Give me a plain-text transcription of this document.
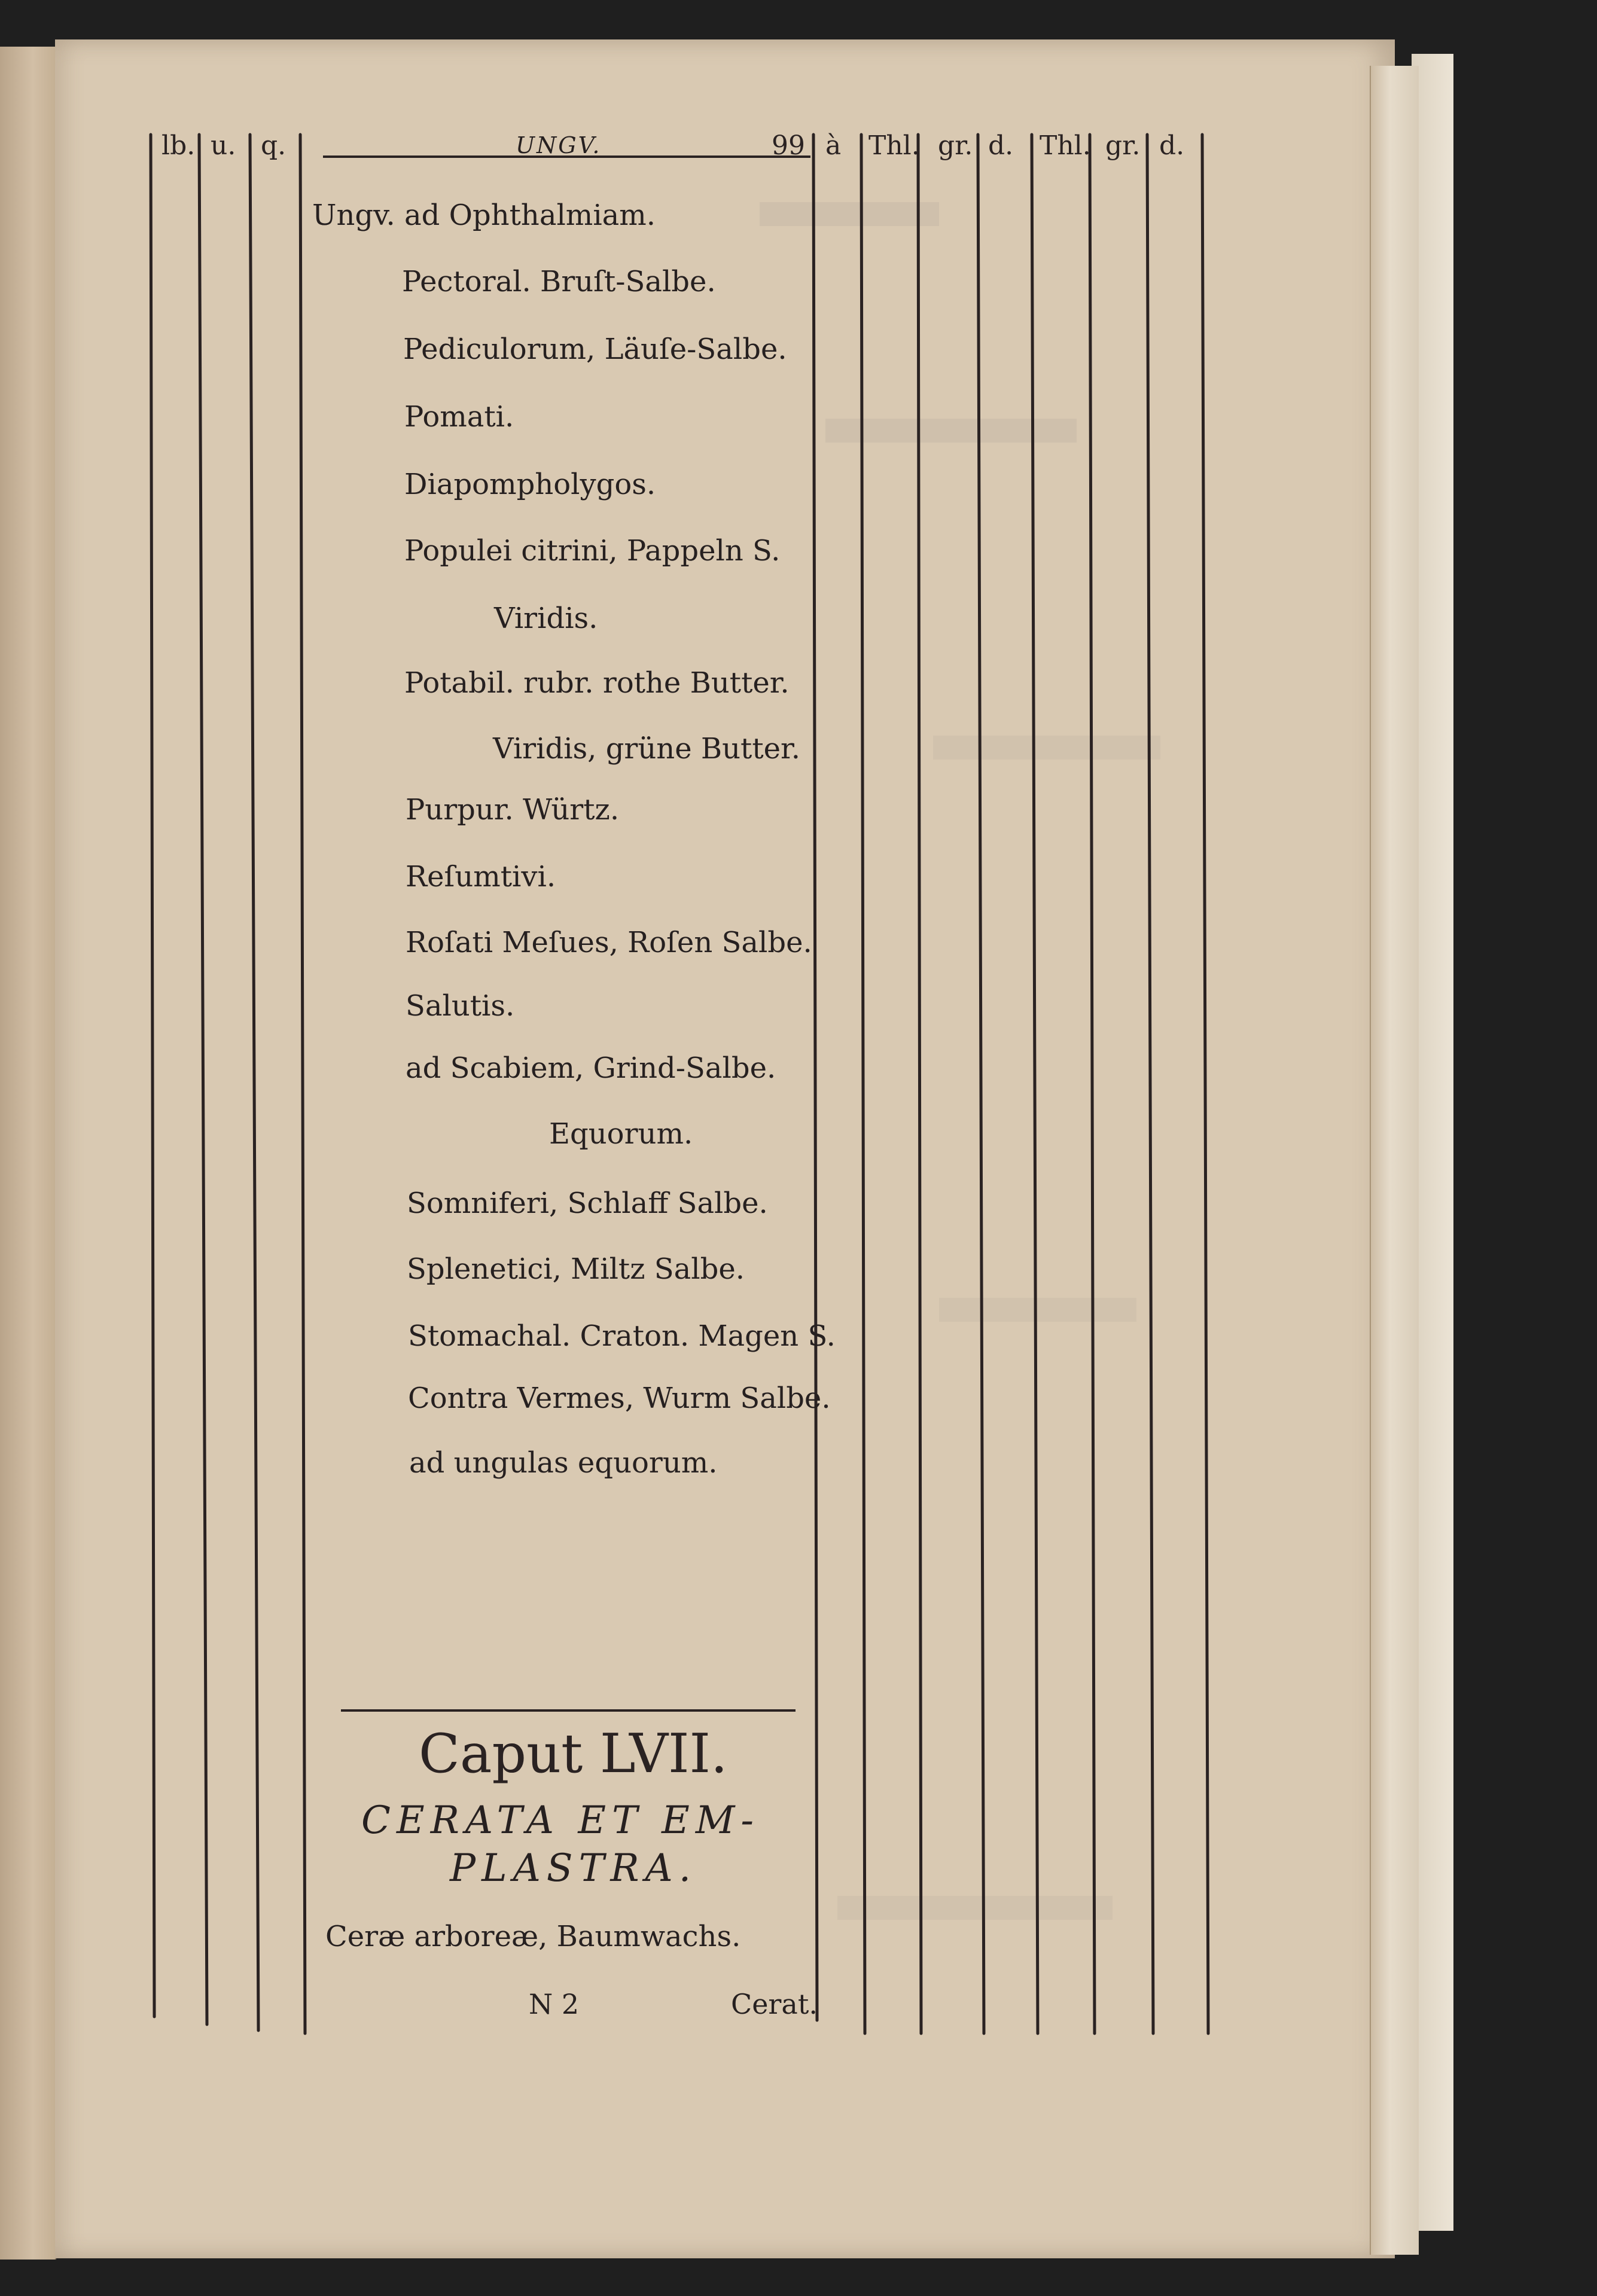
lb. u. q.	UNGV.	99 à Thl. gr. d. Thl. gr. d.
Ungv. ad Ophthalmiam.
Pectoral. Bruſt-Salbe.
Pediculorum, Läuſe-Salbe.
Pomati.
Diapompholygos.
Populei citrini, Pappeln S.
Viridis.
Potabil. rubr. rothe Butter.
Viridis, grüne Butter.
Purpur. Würtz.
Reſumtivi.
Roſati Meſues, Roſen Salbe.
Salutis.
ad Scabiem, Grind-Salbe.
Equorum.
Somniferi, Schlaff Salbe.
Splenetici, Miltz Salbe.
Stomachal. Craton. Magen S.
Contra Vermes, Wurm Salbe.
ad ungulas equorum.
Caput LVII.
CERATA ET EM-
PLASTRA.
Ceræ arboreæ, Baumwachs.
N 2	Cerat.
